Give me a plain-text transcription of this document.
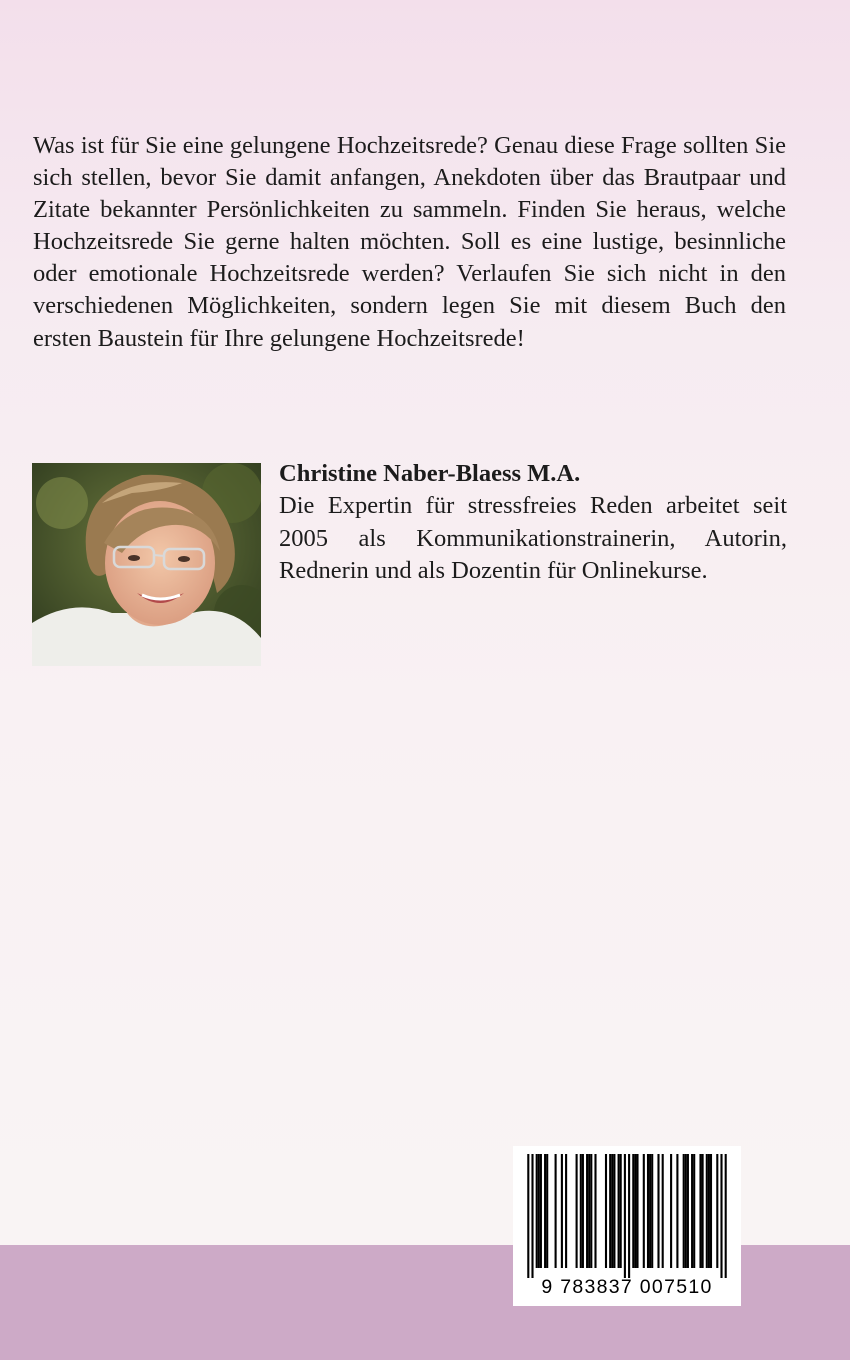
Was ist für Sie eine gelungene Hochzeitsrede? Genau diese Frage sollten Sie sich stellen, bevor Sie damit anfangen, Anekdoten über das Brautpaar und Zitate bekannter Persönlichkeiten zu sammeln. Finden Sie heraus, welche Hochzeitsrede Sie gerne halten möchten. Soll es eine lustige, besinnliche oder emotionale Hochzeitsrede werden? Verlaufen Sie sich nicht in den verschiedenen Möglichkeiten, sondern legen Sie mit diesem Buch den ersten Baustein für Ihre gelungene Hochzeitsrede!

Christine Naber-Blaess M.A.

Die Expertin für stressfreies Reden arbeitet seit 2005 als Kommunikationstrainerin, Autorin, Rednerin und als Dozentin für Onlinekurse.

9 783837 007510
